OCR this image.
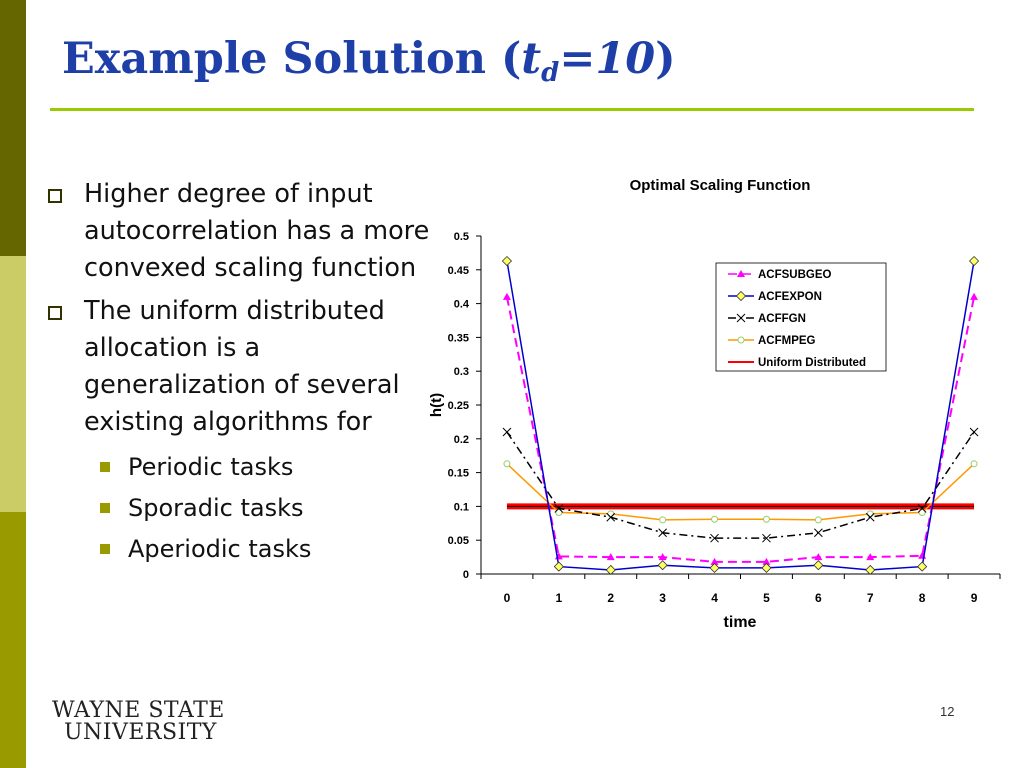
Example Solution $(t_d=10)$
Higher degree of input autocorrelation has a more convexed scaling function
The uniform distributed allocation is a generalization of several existing algorithms for
Periodic tasks
Sporadic tasks
Aperiodic tasks
Optimal Scaling Function
0
0.05
0.1
0.15
0.2
0.25
0.3
0.35
0.4
0.45
0.5
0	1	2	3	4	5	6	7	8	9
ACFSUBGEO
ACFEXPON
ACFFGN
ACFMPEG
Uniform Distributed
time
h(t)
WAYNE STATE
UNIVERSITY
12
